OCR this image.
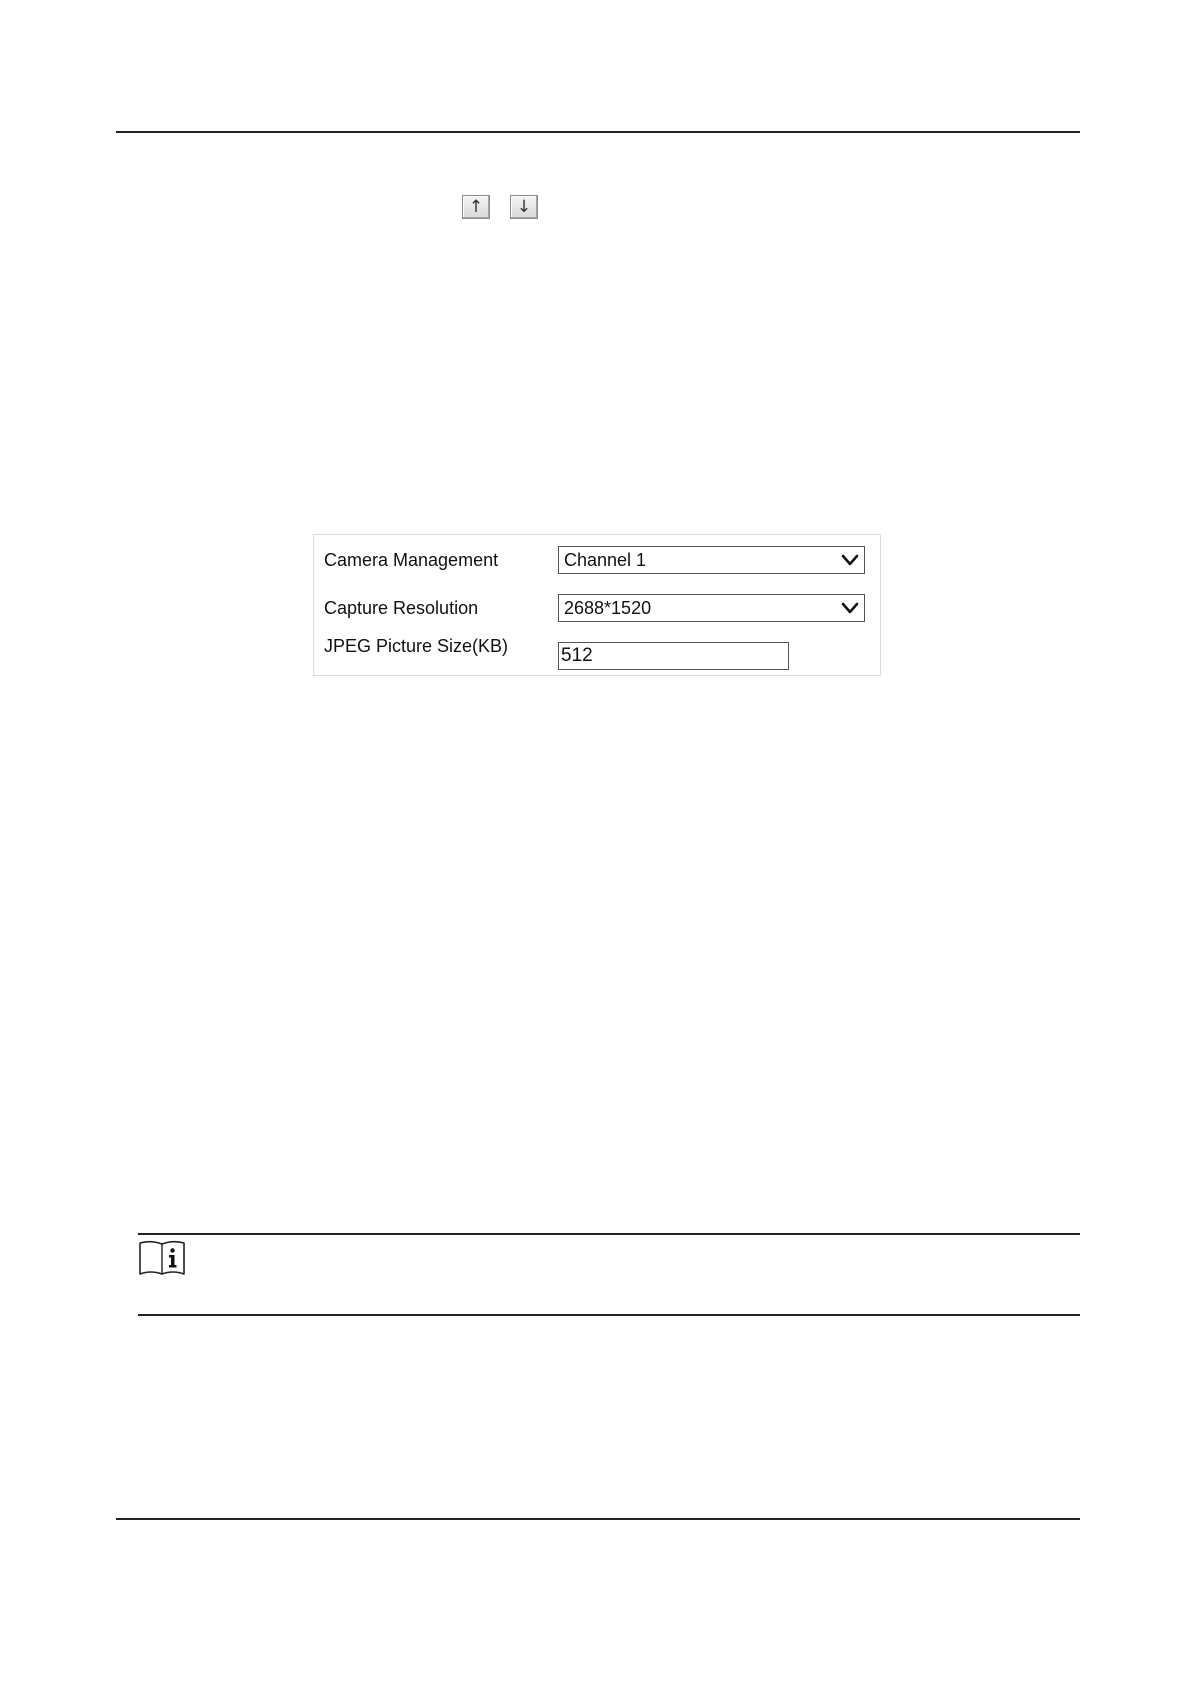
↑ ↓
Camera Management	Channel 1
Capture Resolution	2688*1520
JPEG Picture Size(KB)
512
